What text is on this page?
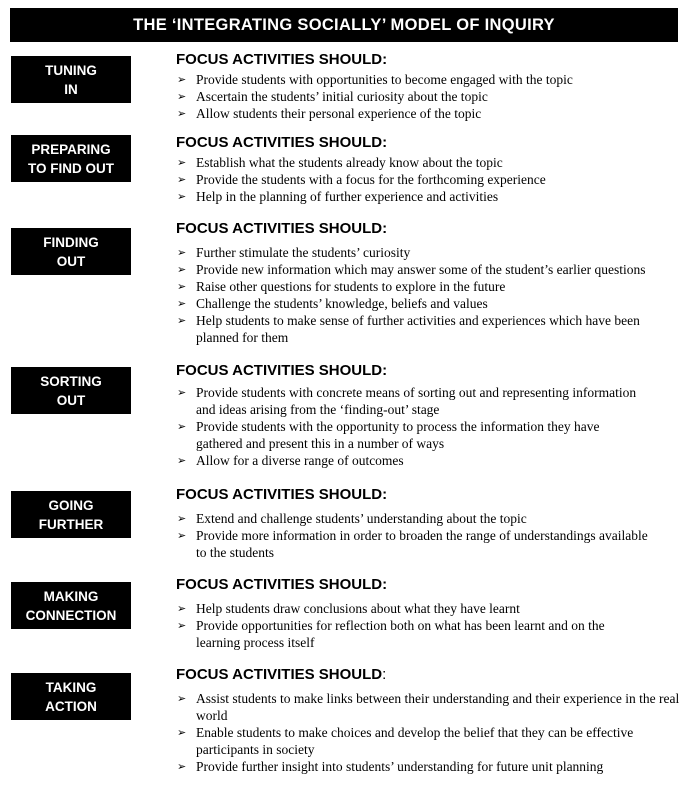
THE ‘INTEGRATING SOCIALLY’ MODEL OF INQUIRY
TUNING
IN
FOCUS ACTIVITIES SHOULD:
➢ Provide students with opportunities to become engaged with the topic
➢ Ascertain the students’ initial curiosity about the topic
➢ Allow students their personal experience of the topic
PREPARING
TO FIND OUT
FOCUS ACTIVITIES SHOULD:
➢ Establish what the students already know about the topic
➢ Provide the students with a focus for the forthcoming experience
➢ Help in the planning of further experience and activities
FINDING
OUT
FOCUS ACTIVITIES SHOULD:
➢ Further stimulate the students’ curiosity
➢ Provide new information which may answer some of the student’s earlier questions
➢ Raise other questions for students to explore in the future
➢ Challenge the students’ knowledge, beliefs and values
➢ Help students to make sense of further activities and experiences which have been planned for them
SORTING
OUT
FOCUS ACTIVITIES SHOULD:
➢ Provide students with concrete means of sorting out and representing information and ideas arising from the ‘finding-out’ stage
➢ Provide students with the opportunity to process the information they have gathered and present this in a number of ways
➢ Allow for a diverse range of outcomes
GOING
FURTHER
FOCUS ACTIVITIES SHOULD:
➢ Extend and challenge students’ understanding about the topic
➢ Provide more information in order to broaden the range of understandings available to the students
MAKING
CONNECTION
FOCUS ACTIVITIES SHOULD:
➢ Help students draw conclusions about what they have learnt
➢ Provide opportunities for reflection both on what has been learnt and on the learning process itself
TAKING
ACTION
FOCUS ACTIVITIES SHOULD:
➢ Assist students to make links between their understanding and their experience in the real world
➢ Enable students to make choices and develop the belief that they can be effective participants in society
➢ Provide further insight into students’ understanding for future unit planning
